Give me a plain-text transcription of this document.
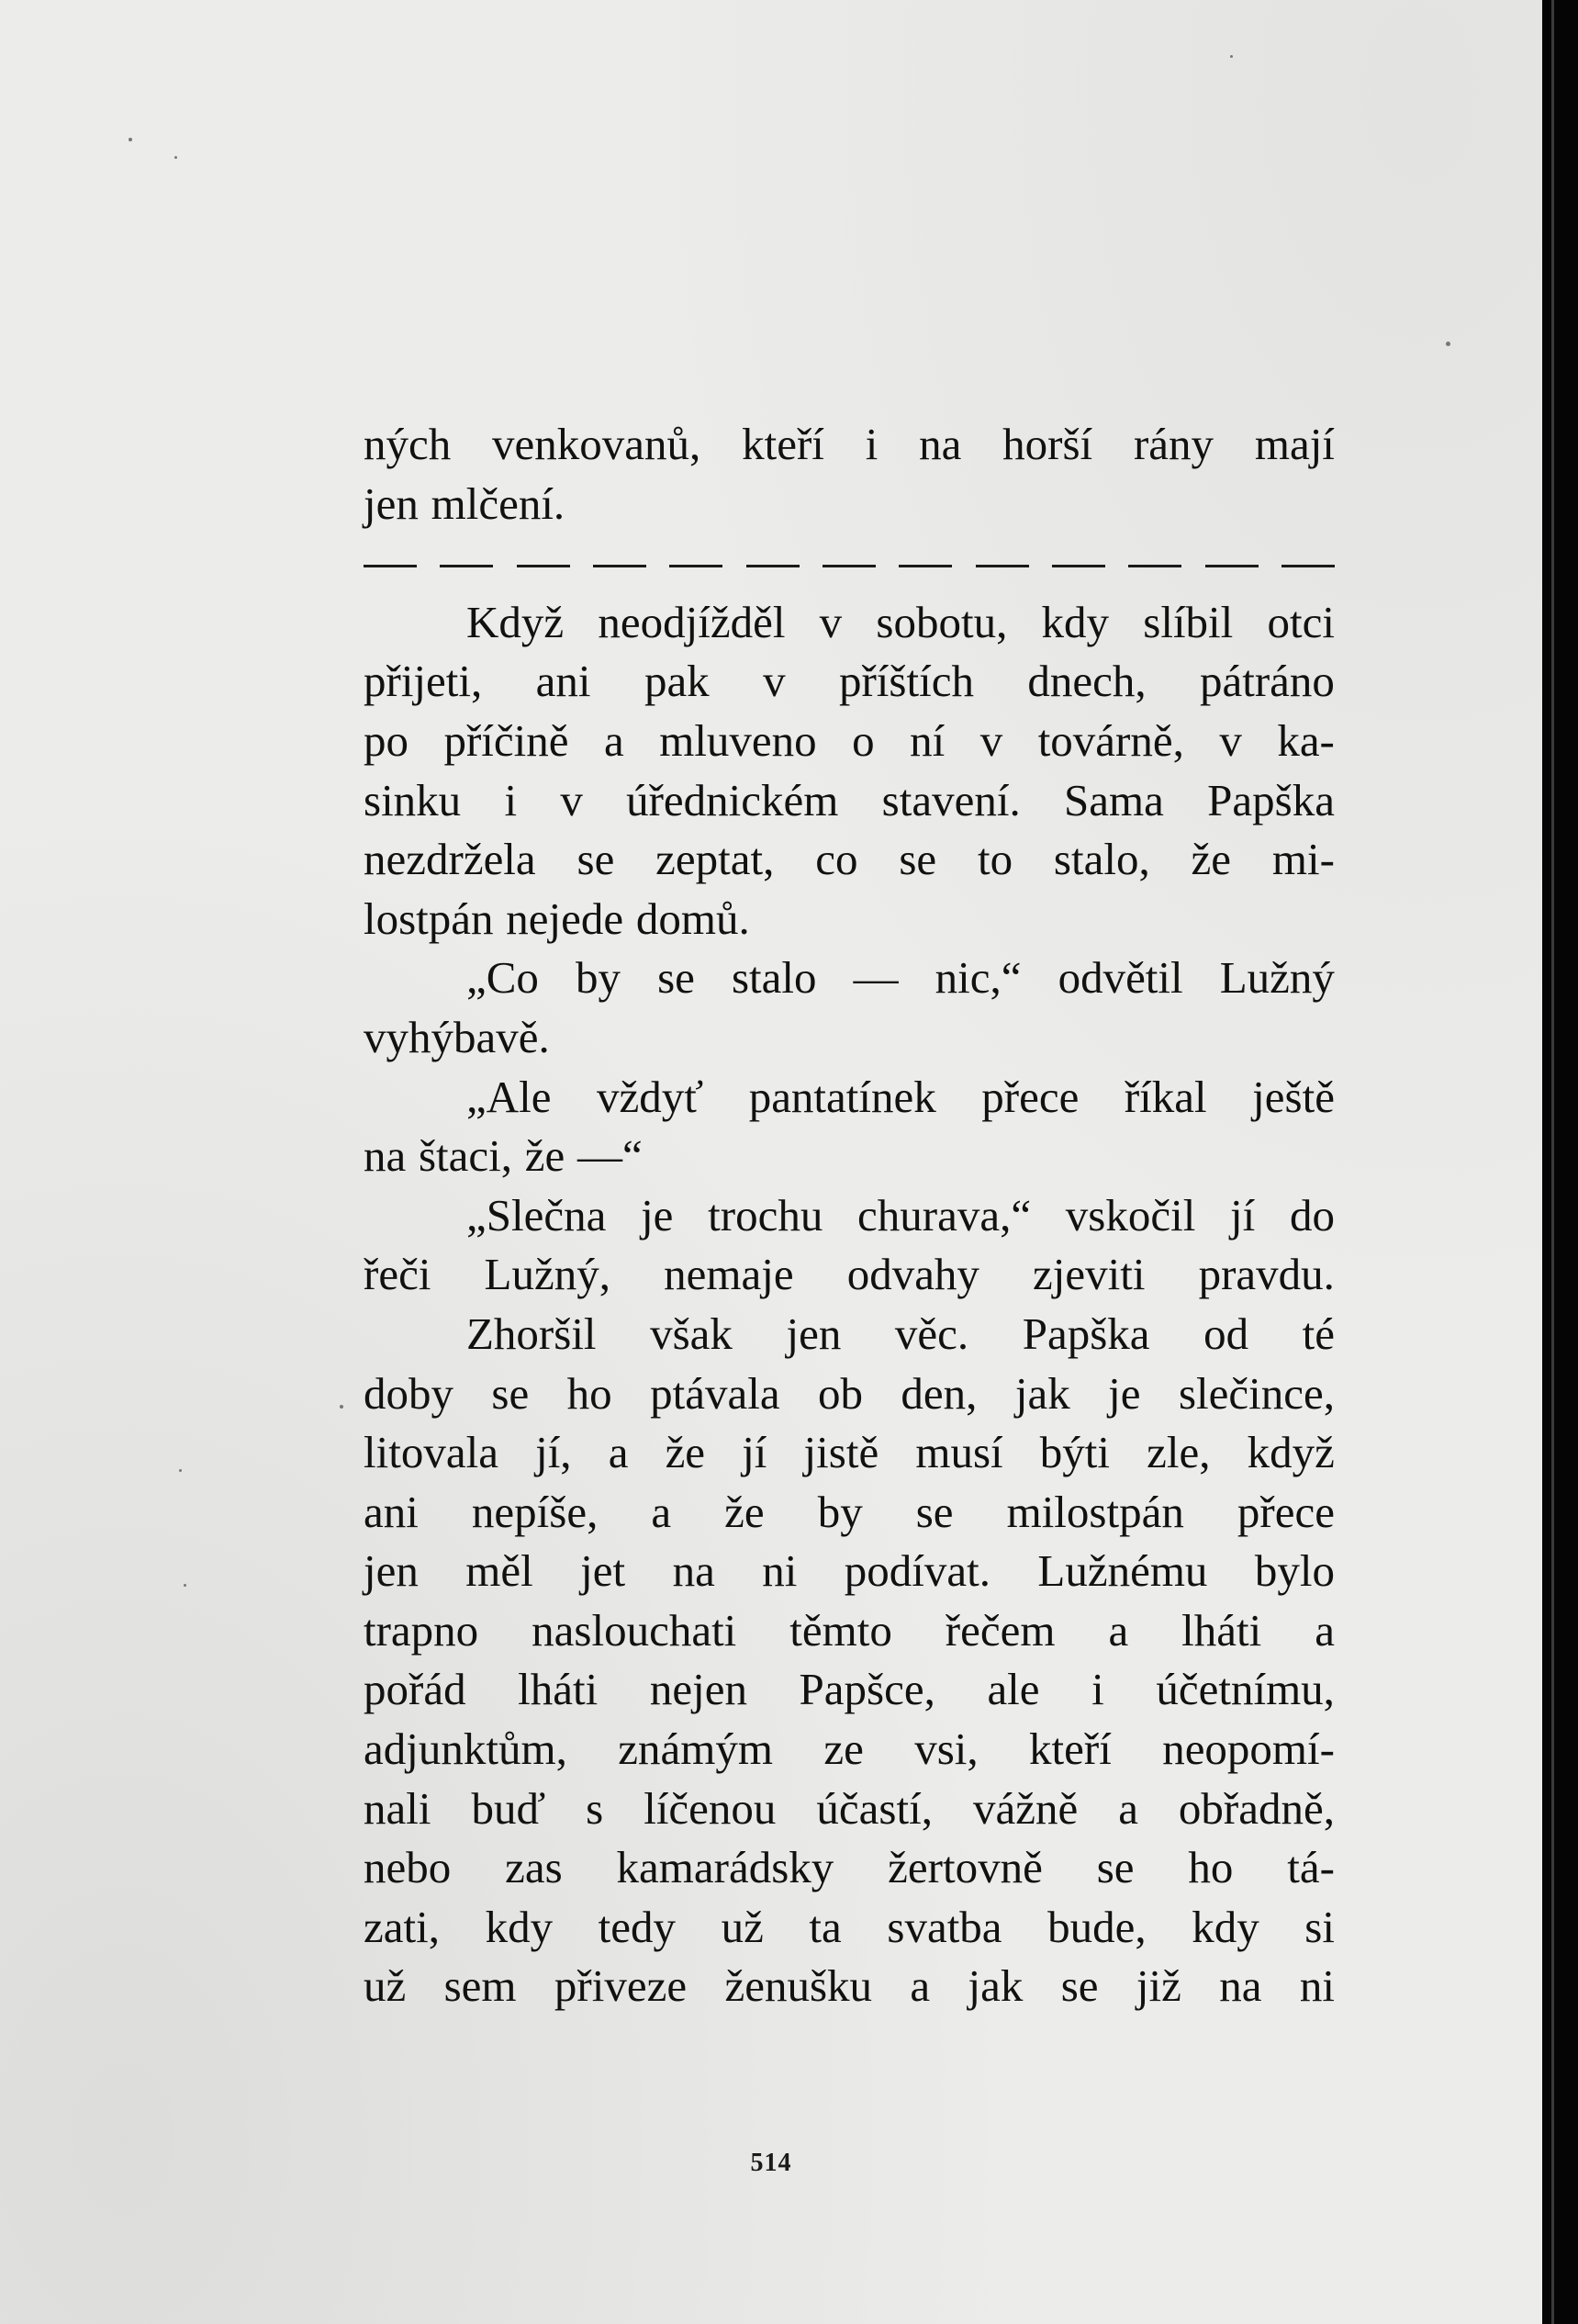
ných venkovanů, kteří i na horší rány mají
jen mlčení.
Když neodjížděl v sobotu, kdy slíbil otci
přijeti, ani pak v příštích dnech, pátráno
po příčině a mluveno o ní v továrně, v ka-
sinku i v úřednickém stavení. Sama Papška
nezdržela se zeptat, co se to stalo, že mi-
lostpán nejede domů.
„Co by se stalo — nic,“ odvětil Lužný
vyhýbavě.
„Ale vždyť pantatínek přece říkal ještě
na štaci, že —“
„Slečna je trochu churava,“ vskočil jí do
řeči Lužný, nemaje odvahy zjeviti pravdu.
Zhoršil však jen věc. Papška od té
doby se ho ptávala ob den, jak je slečince,
litovala jí, a že jí jistě musí býti zle, když
ani nepíše, a že by se milostpán přece
jen měl jet na ni podívat. Lužnému bylo
trapno naslouchati těmto řečem a lháti a
pořád lháti nejen Papšce, ale i účetnímu,
adjunktům, známým ze vsi, kteří neopomí-
nali buď s líčenou účastí, vážně a obřadně,
nebo zas kamarádsky žertovně se ho tá-
zati, kdy tedy už ta svatba bude, kdy si
už sem přiveze ženušku a jak se již na ni
514
